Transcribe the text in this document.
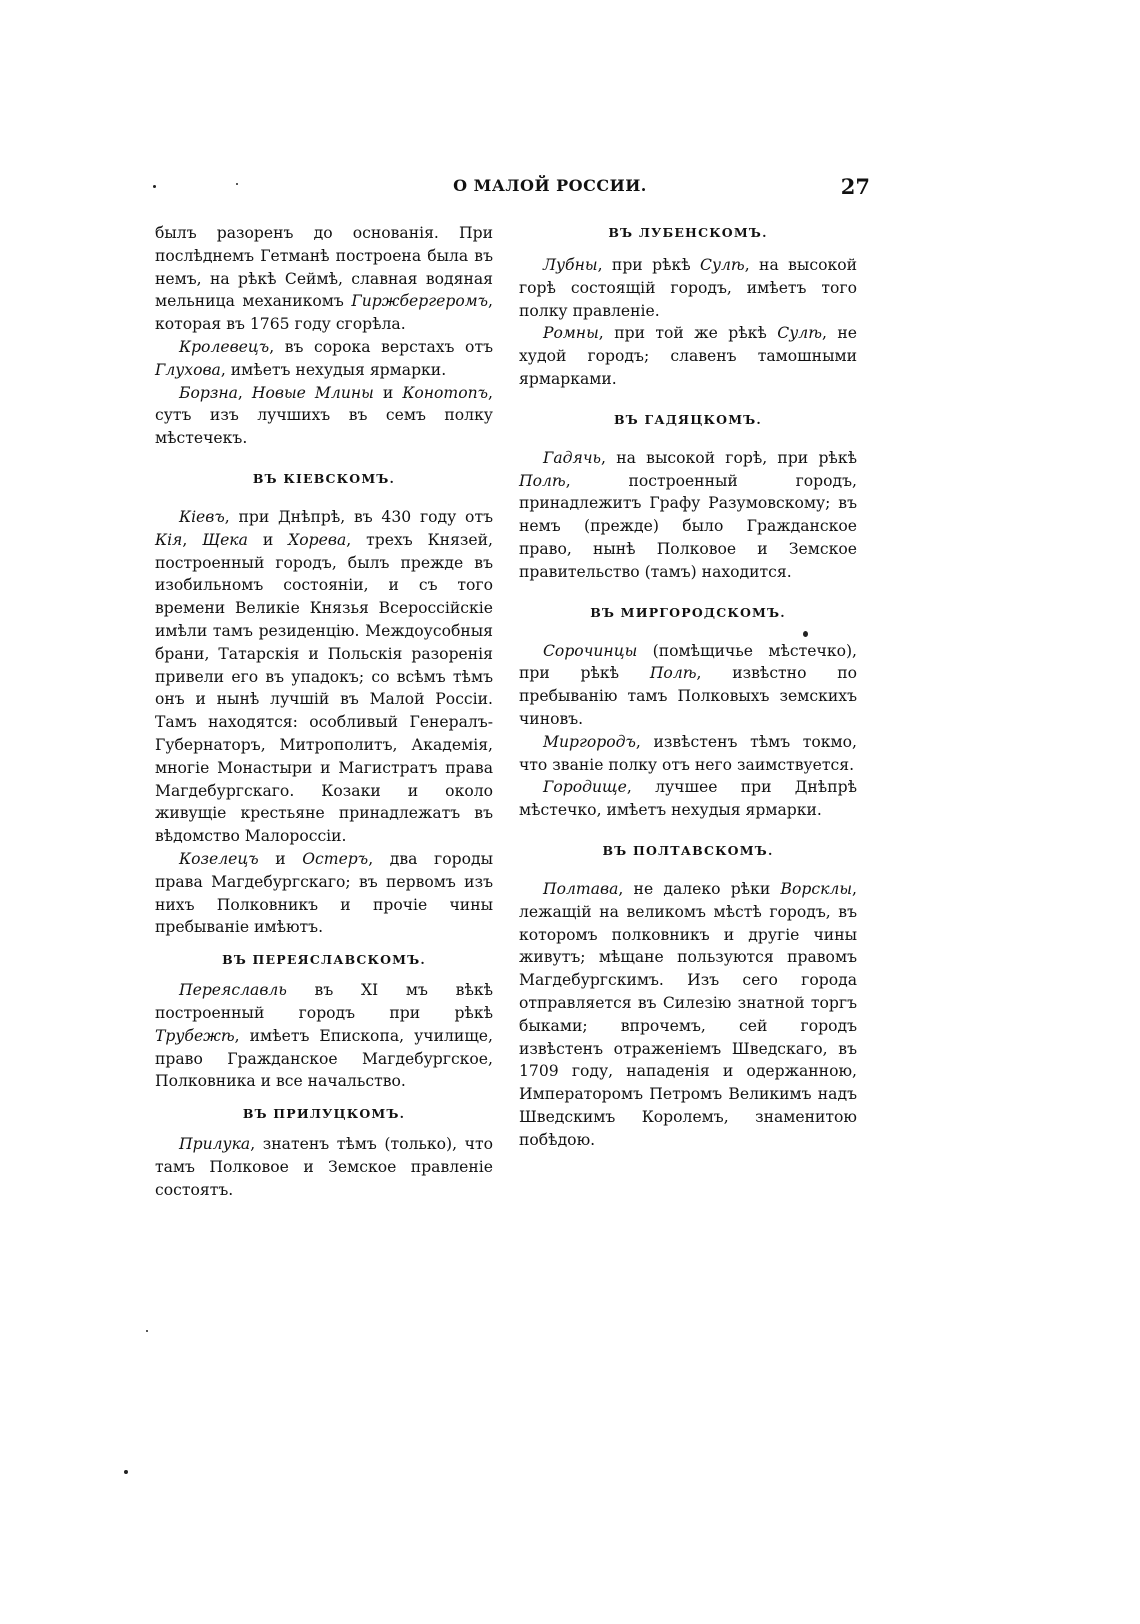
О МАЛОЙ РОССИИ.	27

былъ разоренъ до основанія. При послѣднемъ Гетманѣ построена была въ немъ, на рѣкѣ Сеймѣ, славная водяная мельница механикомъ Гиржбергеромъ, которая въ 1765 году сгорѣла.

Кролевецъ, въ сорока верстахъ отъ Глухова, имѣетъ нехудыя ярмарки.

Борзна, Новые Млины и Конотопъ, сутъ изъ лучшихъ въ семъ полку мѣстечекъ.

ВЪ КІЕВСКОМЪ.

Кіевъ, при Днѣпрѣ, въ 430 году отъ Кія, Щека и Хорева, трехъ Князей, построенный городъ, былъ прежде въ изобильномъ состояніи, и съ того времени Великіе Князья Всероссійскіе имѣли тамъ резиденцію. Междоусобныя брани, Татарскія и Польскія разоренія привели его въ упадокъ; со всѣмъ тѣмъ онъ и нынѣ лучшій въ Малой Россіи. Тамъ находятся: особливый Генералъ-Губернаторъ, Митрополитъ, Академія, многіе Монастыри и Магистратъ права Магдебургскаго. Козаки и около живущіе крестьяне принадлежатъ въ вѣдомство Малороссіи.

Козелецъ и Остеръ, два городы права Магдебургскаго; въ первомъ изъ нихъ Полковникъ и прочіе чины пребываніе имѣютъ.

ВЪ ПЕРЕЯСЛАВСКОМЪ.

Переяславль въ XI мъ вѣкѣ построенный городъ при рѣкѣ Трубежѣ, имѣетъ Епископа, училище, право Гражданское Магдебургское, Полковника и все начальство.

ВЪ ПРИЛУЦКОМЪ.

Прилука, знатенъ тѣмъ (только), что тамъ Полковое и Земское правленіе состоятъ.

ВЪ ЛУБЕНСКОМЪ.

Лубны, при рѣкѣ Сулѣ, на высокой горѣ состоящій городъ, имѣетъ того полку правленіе.

Ромны, при той же рѣкѣ Сулѣ, не худой городъ; славенъ тамошными ярмарками.

ВЪ ГАДЯЦКОМЪ.

Гадячь, на высокой горѣ, при рѣкѣ Полѣ, построенный городъ, принадлежитъ Графу Разумовскому; въ немъ (прежде) было Гражданское право, нынѣ Полковое и Земское правительство (тамъ) находится.

ВЪ МИРГОРОДСКОМЪ.

Сорочинцы (помѣщичье мѣстечко), при рѣкѣ Полѣ, извѣстно по пребыванію тамъ Полковыхъ земскихъ чиновъ.

Миргородъ, извѣстенъ тѣмъ токмо, что званіе полку отъ него заимствуется.

Городище, лучшее при Днѣпрѣ мѣстечко, имѣетъ нехудыя ярмарки.

ВЪ ПОЛТАВСКОМЪ.

Полтава, не далеко рѣки Ворсклы, лежащій на великомъ мѣстѣ городъ, въ которомъ полковникъ и другіе чины живутъ; мѣщане пользуются правомъ Магдебургскимъ. Изъ сего города отправляется въ Силезію знатной торгъ быками; впрочемъ, сей городъ извѣстенъ отраженіемъ Шведскаго, въ 1709 году, нападенія и одержанною, Императоромъ Петромъ Великимъ надъ Шведскимъ Королемъ, знаменитою побѣдою.
